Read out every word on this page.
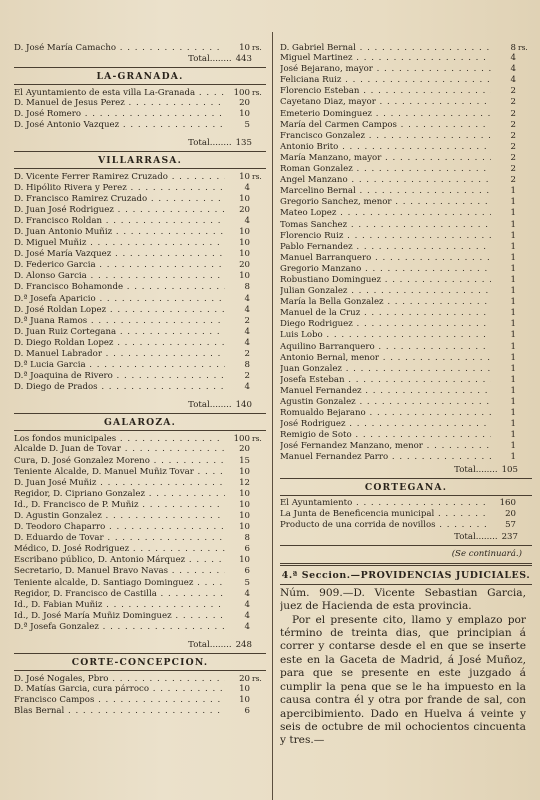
D. José María Camacho . . .	10 rs.
Total ........	443
LA-GRANADA.
El Ayuntamiento de esta villa La-Granada . . .	100 rs.
D. Manuel de Jesus Perez . . .	20
D. José Romero . . .	10
D. José Antonio Vazquez . . .	5
Total ........	135
VILLARRASA.
D. Vicente Ferrer Ramirez Cruzado . . .	10 rs.
D. Hipólito Rivera y Perez . . .	4
D. Francisco Ramirez Cruzado . . .	10
D. Juan José Rodriguez . . .	20
D. Francisco Roldan . . .	4
D. Juan Antonio Muñiz . . .	10
D. Miguel Muñiz . . .	10
D. José María Vazquez . . .	10
D. Federico Garcia . . .	20
D. Alonso Garcia . . .	10
D. Francisco Bohamonde . . .	8
D.ª Josefa Aparicio . . .	4
D. José Roldan Lopez . . .	4
D.ª Juana Ramos . . .	2
D. Juan Ruiz Cortegana . . .	4
D. Diego Roldan Lopez . . .	4
D. Manuel Labrador . . .	2
D.ª Lucia Garcia . . .	8
D.ª Joaquina de Rivero . . .	2
D. Diego de Prados . . .	4
Total ........	140
GALAROZA.
Los fondos municipales . . .	100 rs.
Alcalde D. Juan de Tovar . . .	20
Cura, D. José Gonzalez Moreno . . .	15
Teniente Alcalde, D. Manuel Muñiz Tovar . . .	10
D. Juan José Muñiz . . .	12
Regidor, D. Cipriano Gonzalez . . .	10
Id., D. Francisco de P. Muñiz . . .	10
D. Agustin Gonzalez . . .	10
D. Teodoro Chaparro . . .	10
D. Eduardo de Tovar . . .	8
Médico, D. José Rodriguez . . .	6
Escribano público, D. Antonio Márquez . . .	10
Secretario, D. Manuel Bravo Navas . . .	6
Teniente alcalde, D. Santiago Dominguez . . .	5
Regidor, D. Francisco de Castilla . . .	4
Id., D. Fabian Muñiz . . .	4
Id., D. José María Muñiz Dominguez . . .	4
D.ª Josefa Gonzalez . . .	4
Total ........	248
CORTE-CONCEPCION.
D. José Nogales, Pbro . . .	20 rs.
D. Matías Garcia, cura párroco . . .	10
Francisco Campos . . .	10
Blas Bernal . . .	6
D. Gabriel Bernal . . .	8 rs.
Miguel Martinez . . .	4
José Bejarano, mayor . . .	4
Feliciana Ruiz . . .	4
Florencio Esteban . . .	2
Cayetano Diaz, mayor . . .	2
Emeterio Dominguez . . .	2
María del Carmen Campos . . .	2
Francisco Gonzalez . . .	2
Antonio Brito . . .	2
María Manzano, mayor . . .	2
Roman Gonzalez . . .	2
Angel Manzano . . .	2
Marcelino Bernal . . .	1
Gregorio Sanchez, menor . . .	1
Mateo Lopez . . .	1
Tomas Sanchez . . .	1
Florencio Ruiz . . .	1
Pablo Fernandez . . .	1
Manuel Barranquero . . .	1
Gregorio Manzano . . .	1
Robustiano Dominguez . . .	1
Julian Gonzalez . . .	1
María la Bella Gonzalez . . .	1
Manuel de la Cruz . . .	1
Diego Rodriguez . . .	1
Luis Lobo . . .	1
Aquilino Barranquero . . .	1
Antonio Bernal, menor . . .	1
Juan Gonzalez . . .	1
Josefa Esteban . . .	1
Manuel Fernandez . . .	1
Agustin Gonzalez . . .	1
Romualdo Bejarano . . .	1
José Rodriguez . . .	1
Remigio de Soto . . .	1
José Fernandez Manzano, menor . . .	1
Manuel Fernandez Parro . . .	1
Total ........	105
CORTEGANA.
El Ayuntamiento . . .	160
La Junta de Beneficencia municipal . . .	20
Producto de una corrida de novillos . . .	57
Total ........	237
(Se continuará.)
4.ª Seccion.—PROVIDENCIAS JUDICIALES.
Núm. 909.—D. Vicente Sebastian Garcia, juez de Hacienda de esta provincia.
Por el presente cito, llamo y emplazo por término de treinta dias, que principian á correr y contarse desde el en que se inserte este en la Gaceta de Madrid, á José Muñoz, para que se presente en este juzgado á cumplir la pena que se le ha impuesto en la causa contra él y otra por frande de sal, con apercibimiento. Dado en Huelva á veinte y seis de octubre de mil ochocientos cincuenta y tres.—
